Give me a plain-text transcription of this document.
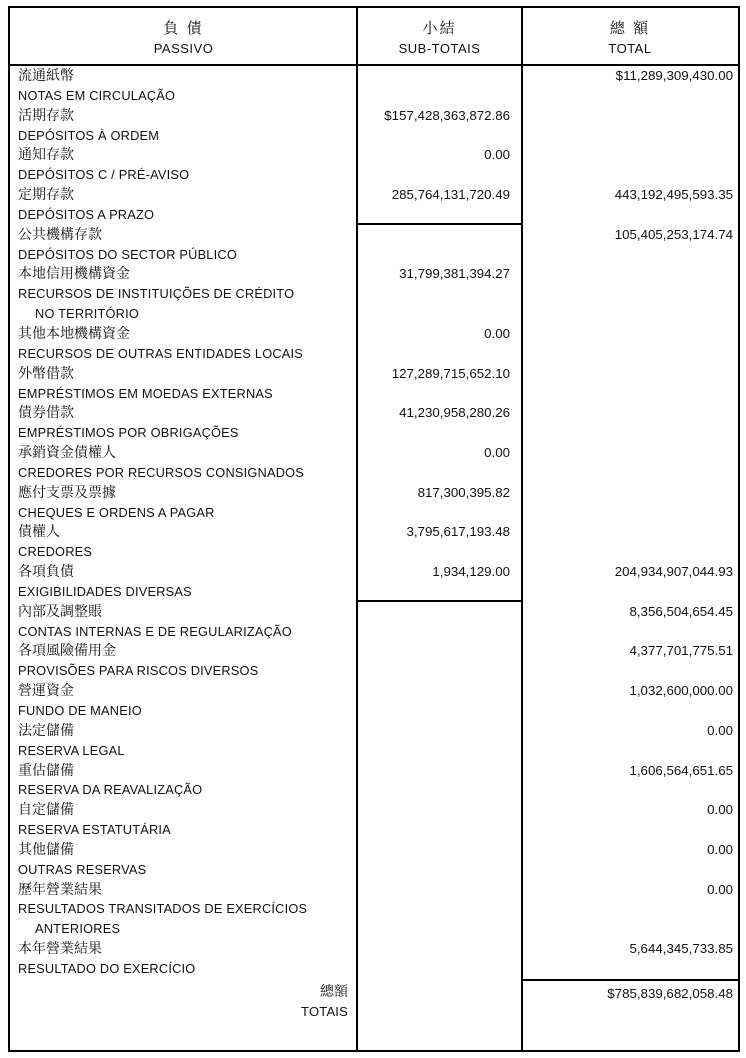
負 債
PASSIVO
小結
SUB-TOTAIS
總 額
TOTAL
流通紙幣
NOTAS EM CIRCULAÇÃO
$11,289,309,430.00
活期存款
DEPÓSITOS À ORDEM
$157,428,363,872.86
通知存款
DEPÓSITOS C / PRÉ-AVISO
0.00
定期存款
DEPÓSITOS A PRAZO
285,764,131,720.49	443,192,495,593.35
公共機構存款
DEPÓSITOS DO SECTOR PÚBLICO
105,405,253,174.74
本地信用機構資金
RECURSOS DE INSTITUIÇÕES DE CRÉDITO
NO TERRITÓRIO
31,799,381,394.27
其他本地機構資金
RECURSOS DE OUTRAS ENTIDADES LOCAIS
0.00
外幣借款
EMPRÉSTIMOS EM MOEDAS EXTERNAS
127,289,715,652.10
債券借款
EMPRÉSTIMOS POR OBRIGAÇÕES
41,230,958,280.26
承銷資金債權人
CREDORES POR RECURSOS CONSIGNADOS
0.00
應付支票及票據
CHEQUES E ORDENS A PAGAR
817,300,395.82
債權人
CREDORES
3,795,617,193.48
各項負債
EXIGIBILIDADES DIVERSAS
1,934,129.00	204,934,907,044.93
內部及調整賬
CONTAS INTERNAS E DE REGULARIZAÇÃO
8,356,504,654.45
各項風險備用金
PROVISÕES PARA RISCOS DIVERSOS
4,377,701,775.51
營運資金
FUNDO DE MANEIO
1,032,600,000.00
法定儲備
RESERVA LEGAL
0.00
重估儲備
RESERVA DA REAVALIZAÇÃO
1,606,564,651.65
自定儲備
RESERVA ESTATUTÁRIA
0.00
其他儲備
OUTRAS RESERVAS
0.00
歷年營業結果
RESULTADOS TRANSITADOS DE EXERCÍCIOS
ANTERIORES
0.00
本年營業結果
RESULTADO DO EXERCÍCIO
5,644,345,733.85
總額
TOTAIS
$785,839,682,058.48
